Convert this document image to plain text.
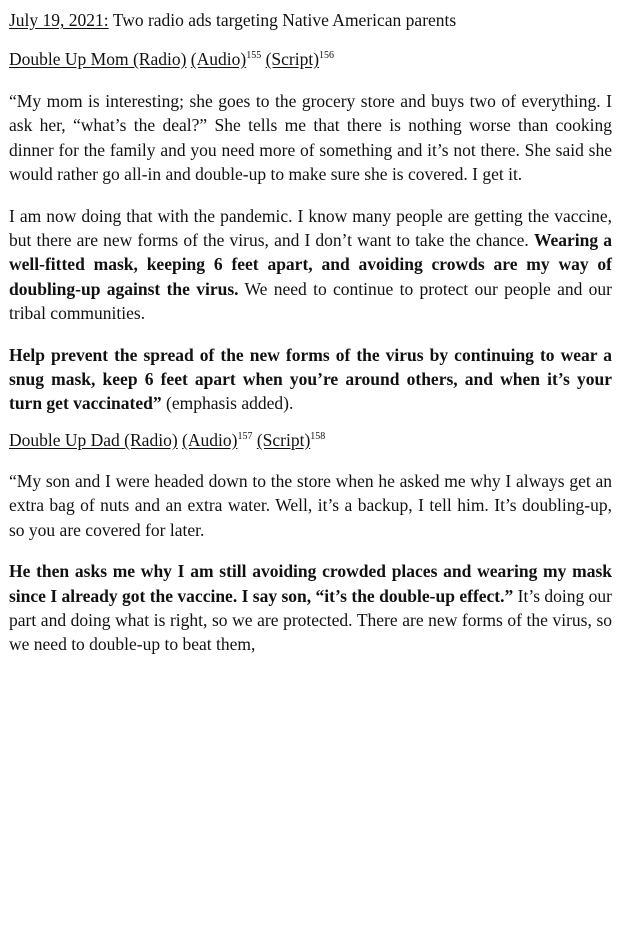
July 19, 2021: Two radio ads targeting Native American parents
Double Up Mom (Radio) (Audio)$^{155}$ (Script)$^{156}$

“My mom is interesting; she goes to the grocery store and buys two of everything. I ask her, “what’s the deal?” She tells me that there is nothing worse than cooking dinner for the family and you need more of something and it’s not there. She said she would rather go all-in and double-up to make sure she is covered. I get it.

I am now doing that with the pandemic. I know many people are getting the vaccine, but there are new forms of the virus, and I don’t want to take the chance. Wearing a well-fitted mask, keeping 6 feet apart, and avoiding crowds are my way of doubling-up against the virus. We need to continue to protect our people and our tribal communities.

Help prevent the spread of the new forms of the virus by continuing to wear a snug mask, keep 6 feet apart when you’re around others, and when it’s your turn get vaccinated” (emphasis added).

Double Up Dad (Radio) (Audio)$^{157}$ (Script)$^{158}$

“My son and I were headed down to the store when he asked me why I always get an extra bag of nuts and an extra water. Well, it’s a backup, I tell him. It’s doubling-up, so you are covered for later.

He then asks me why I am still avoiding crowded places and wearing my mask since I already got the vaccine. I say son, “it’s the double-up effect.” It’s doing our part and doing what is right, so we are protected. There are new forms of the virus, so we need to double-up to beat them,
